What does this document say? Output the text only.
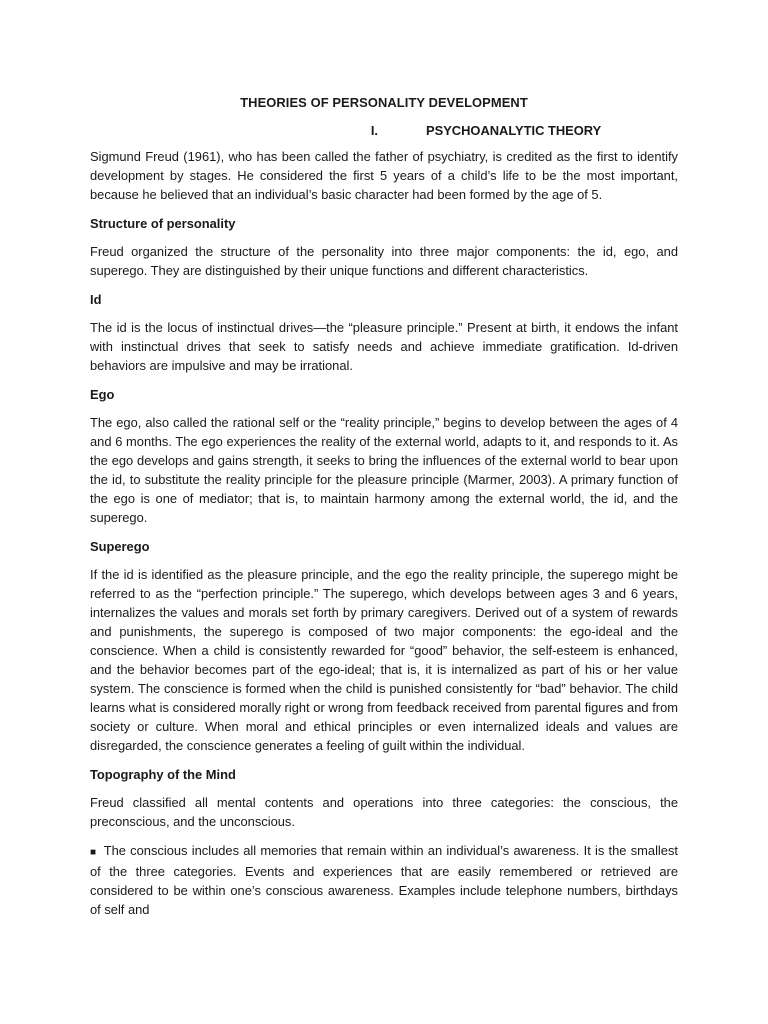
THEORIES OF PERSONALITY DEVELOPMENT
I.	PSYCHOANALYTIC THEORY

Sigmund Freud (1961), who has been called the father of psychiatry, is credited as the first to identify development by stages. He considered the first 5 years of a child’s life to be the most important, because he believed that an individual’s basic character had been formed by the age of 5.

Structure of personality

Freud organized the structure of the personality into three major components: the id, ego, and superego. They are distinguished by their unique functions and different characteristics.

Id

The id is the locus of instinctual drives—the “pleasure principle.” Present at birth, it endows the infant with instinctual drives that seek to satisfy needs and achieve immediate gratification. Id-driven behaviors are impulsive and may be irrational.

Ego

The ego, also called the rational self or the “reality principle,” begins to develop between the ages of 4 and 6 months. The ego experiences the reality of the external world, adapts to it, and responds to it. As the ego develops and gains strength, it seeks to bring the influences of the external world to bear upon the id, to substitute the reality principle for the pleasure principle (Marmer, 2003). A primary function of the ego is one of mediator; that is, to maintain harmony among the external world, the id, and the superego.

Superego

If the id is identified as the pleasure principle, and the ego the reality principle, the superego might be referred to as the “perfection principle.” The superego, which develops between ages 3 and 6 years, internalizes the values and morals set forth by primary caregivers. Derived out of a system of rewards and punishments, the superego is composed of two major components: the ego-ideal and the conscience. When a child is consistently rewarded for “good” behavior, the self-esteem is enhanced, and the behavior becomes part of the ego-ideal; that is, it is internalized as part of his or her value system. The conscience is formed when the child is punished consistently for “bad” behavior. The child learns what is considered morally right or wrong from feedback received from parental figures and from society or culture. When moral and ethical principles or even internalized ideals and values are disregarded, the conscience generates a feeling of guilt within the individual.

Topography of the Mind

Freud classified all mental contents and operations into three categories: the conscious, the preconscious, and the unconscious.

■ The conscious includes all memories that remain within an individual’s awareness. It is the smallest of the three categories. Events and experiences that are easily remembered or retrieved are considered to be within one’s conscious awareness. Examples include telephone numbers, birthdays of self and
